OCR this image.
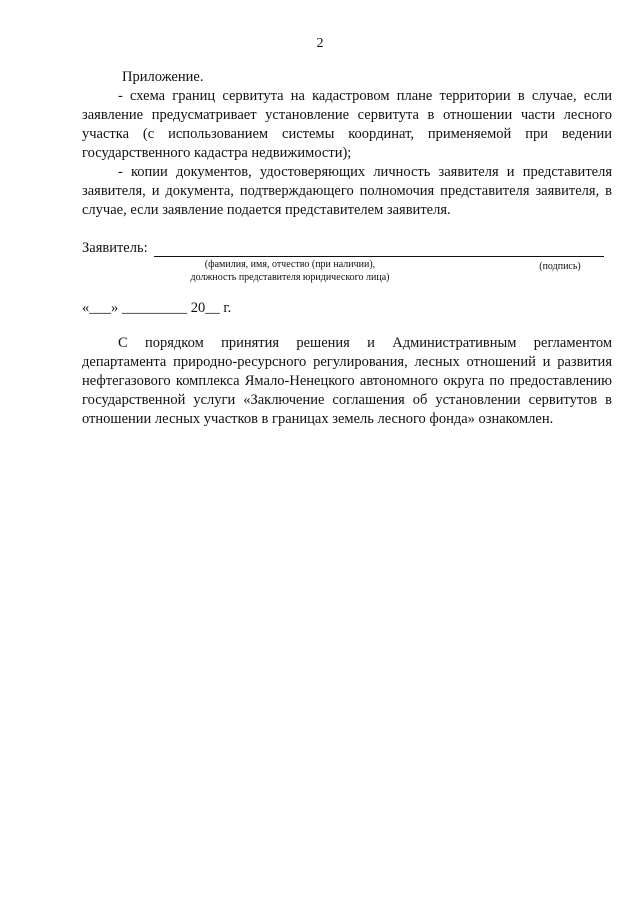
2

Приложение.

- схема границ сервитута на кадастровом плане территории в случае, если заявление предусматривает установление сервитута в отношении части лесного участка (с использованием системы координат, применяемой при ведении государственного кадастра недвижимости);

- копии документов, удостоверяющих личность заявителя и представителя заявителя, и документа, подтверждающего полномочия представителя заявителя, в случае, если заявление подается представителем заявителя.

Заявитель:
(фамилия, имя, отчество (при наличии),
должность представителя юридического лица)
(подпись)
«___» _________ 20__ г.

С порядком принятия решения и Административным регламентом департамента природно-ресурсного регулирования, лесных отношений и развития нефтегазового комплекса Ямало-Ненецкого автономного округа по предоставлению государственной услуги «Заключение соглашения об установлении сервитутов в отношении лесных участков в границах земель лесного фонда» ознакомлен.
